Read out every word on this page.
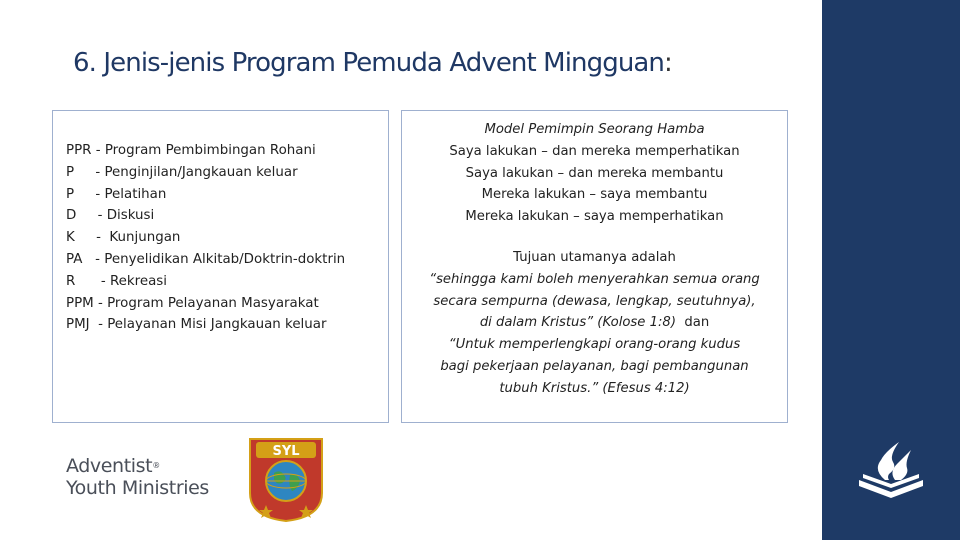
6. Jenis-jenis Program Pemuda Advent Mingguan:
PPR - Program Pembimbingan Rohani
P     - Penginjilan/Jangkauan keluar
P     - Pelatihan
D     - Diskusi
K     -  Kunjungan
PA   - Penyelidikan Alkitab/Doktrin-doktrin
R      - Rekreasi
PPM - Program Pelayanan Masyarakat
PMJ  - Pelayanan Misi Jangkauan keluar
Model Pemimpin Seorang Hamba
Saya lakukan – dan mereka memperhatikan
Saya lakukan – dan mereka membantu
Mereka lakukan – saya membantu
Mereka lakukan – saya memperhatikan
Tujuan utamanya adalah
“sehingga kami boleh menyerahkan semua orang
secara sempurna (dewasa, lengkap, seutuhnya),
di dalam Kristus” (Kolose 1:8) dan
“Untuk memperlengkapi orang-orang kudus
bagi pekerjaan pelayanan, bagi pembangunan
tubuh Kristus.” (Efesus 4:12)
Adventist®
Youth Ministries
SYL
